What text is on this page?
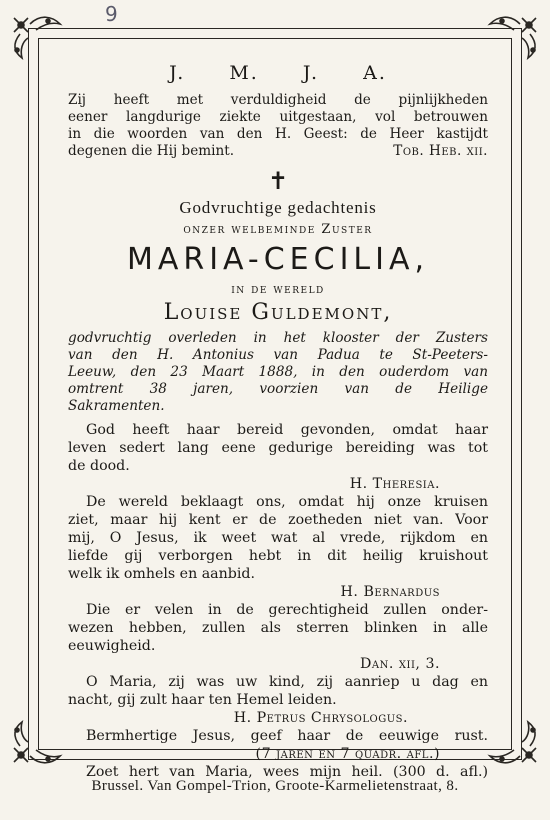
9
J. M. J. A.
Zij heeft met verduldigheid de pijnlijkheden
eener langdurige ziekte uitgestaan, vol betrouwen
in die woorden van den H. Geest: de Heer kastijdt
degenen die Hij bemint.	Tob. Heb. xii.
✝
Godvruchtige gedachtenis
onzer welbeminde Zuster
MARIA-CECILIA,
in de wereld
Louise Guldemont,
godvruchtig overleden in het klooster der Zusters
van den H. Antonius van Padua te St-Peeters-
Leeuw, den 23 Maart 1888, in den ouderdom van
omtrent 38 jaren, voorzien van de Heilige
Sakramenten.
God heeft haar bereid gevonden, omdat haar
leven sedert lang eene gedurige bereiding was tot
de dood.
H. Theresia.
De wereld beklaagt ons, omdat hij onze kruisen
ziet, maar hij kent er de zoetheden niet van. Voor
mij, O Jesus, ik weet wat al vrede, rijkdom en
liefde gij verborgen hebt in dit heilig kruishout
welk ik omhels en aanbid.
H. Bernardus
Die er velen in de gerechtigheid zullen onder-
wezen hebben, zullen als sterren blinken in alle
eeuwigheid.
Dan. xii, 3.
O Maria, zij was uw kind, zij aanriep u dag en
nacht, gij zult haar ten Hemel leiden.
H. Petrus Chrysologus.
Bermhertige Jesus, geef haar de eeuwige rust.
(7 jaren en 7 quadr. afl.)
Zoet hert van Maria, wees mijn heil. (300 d. afl.)
Brussel. Van Gompel-Trion, Groote-Karmelietenstraat, 8.
